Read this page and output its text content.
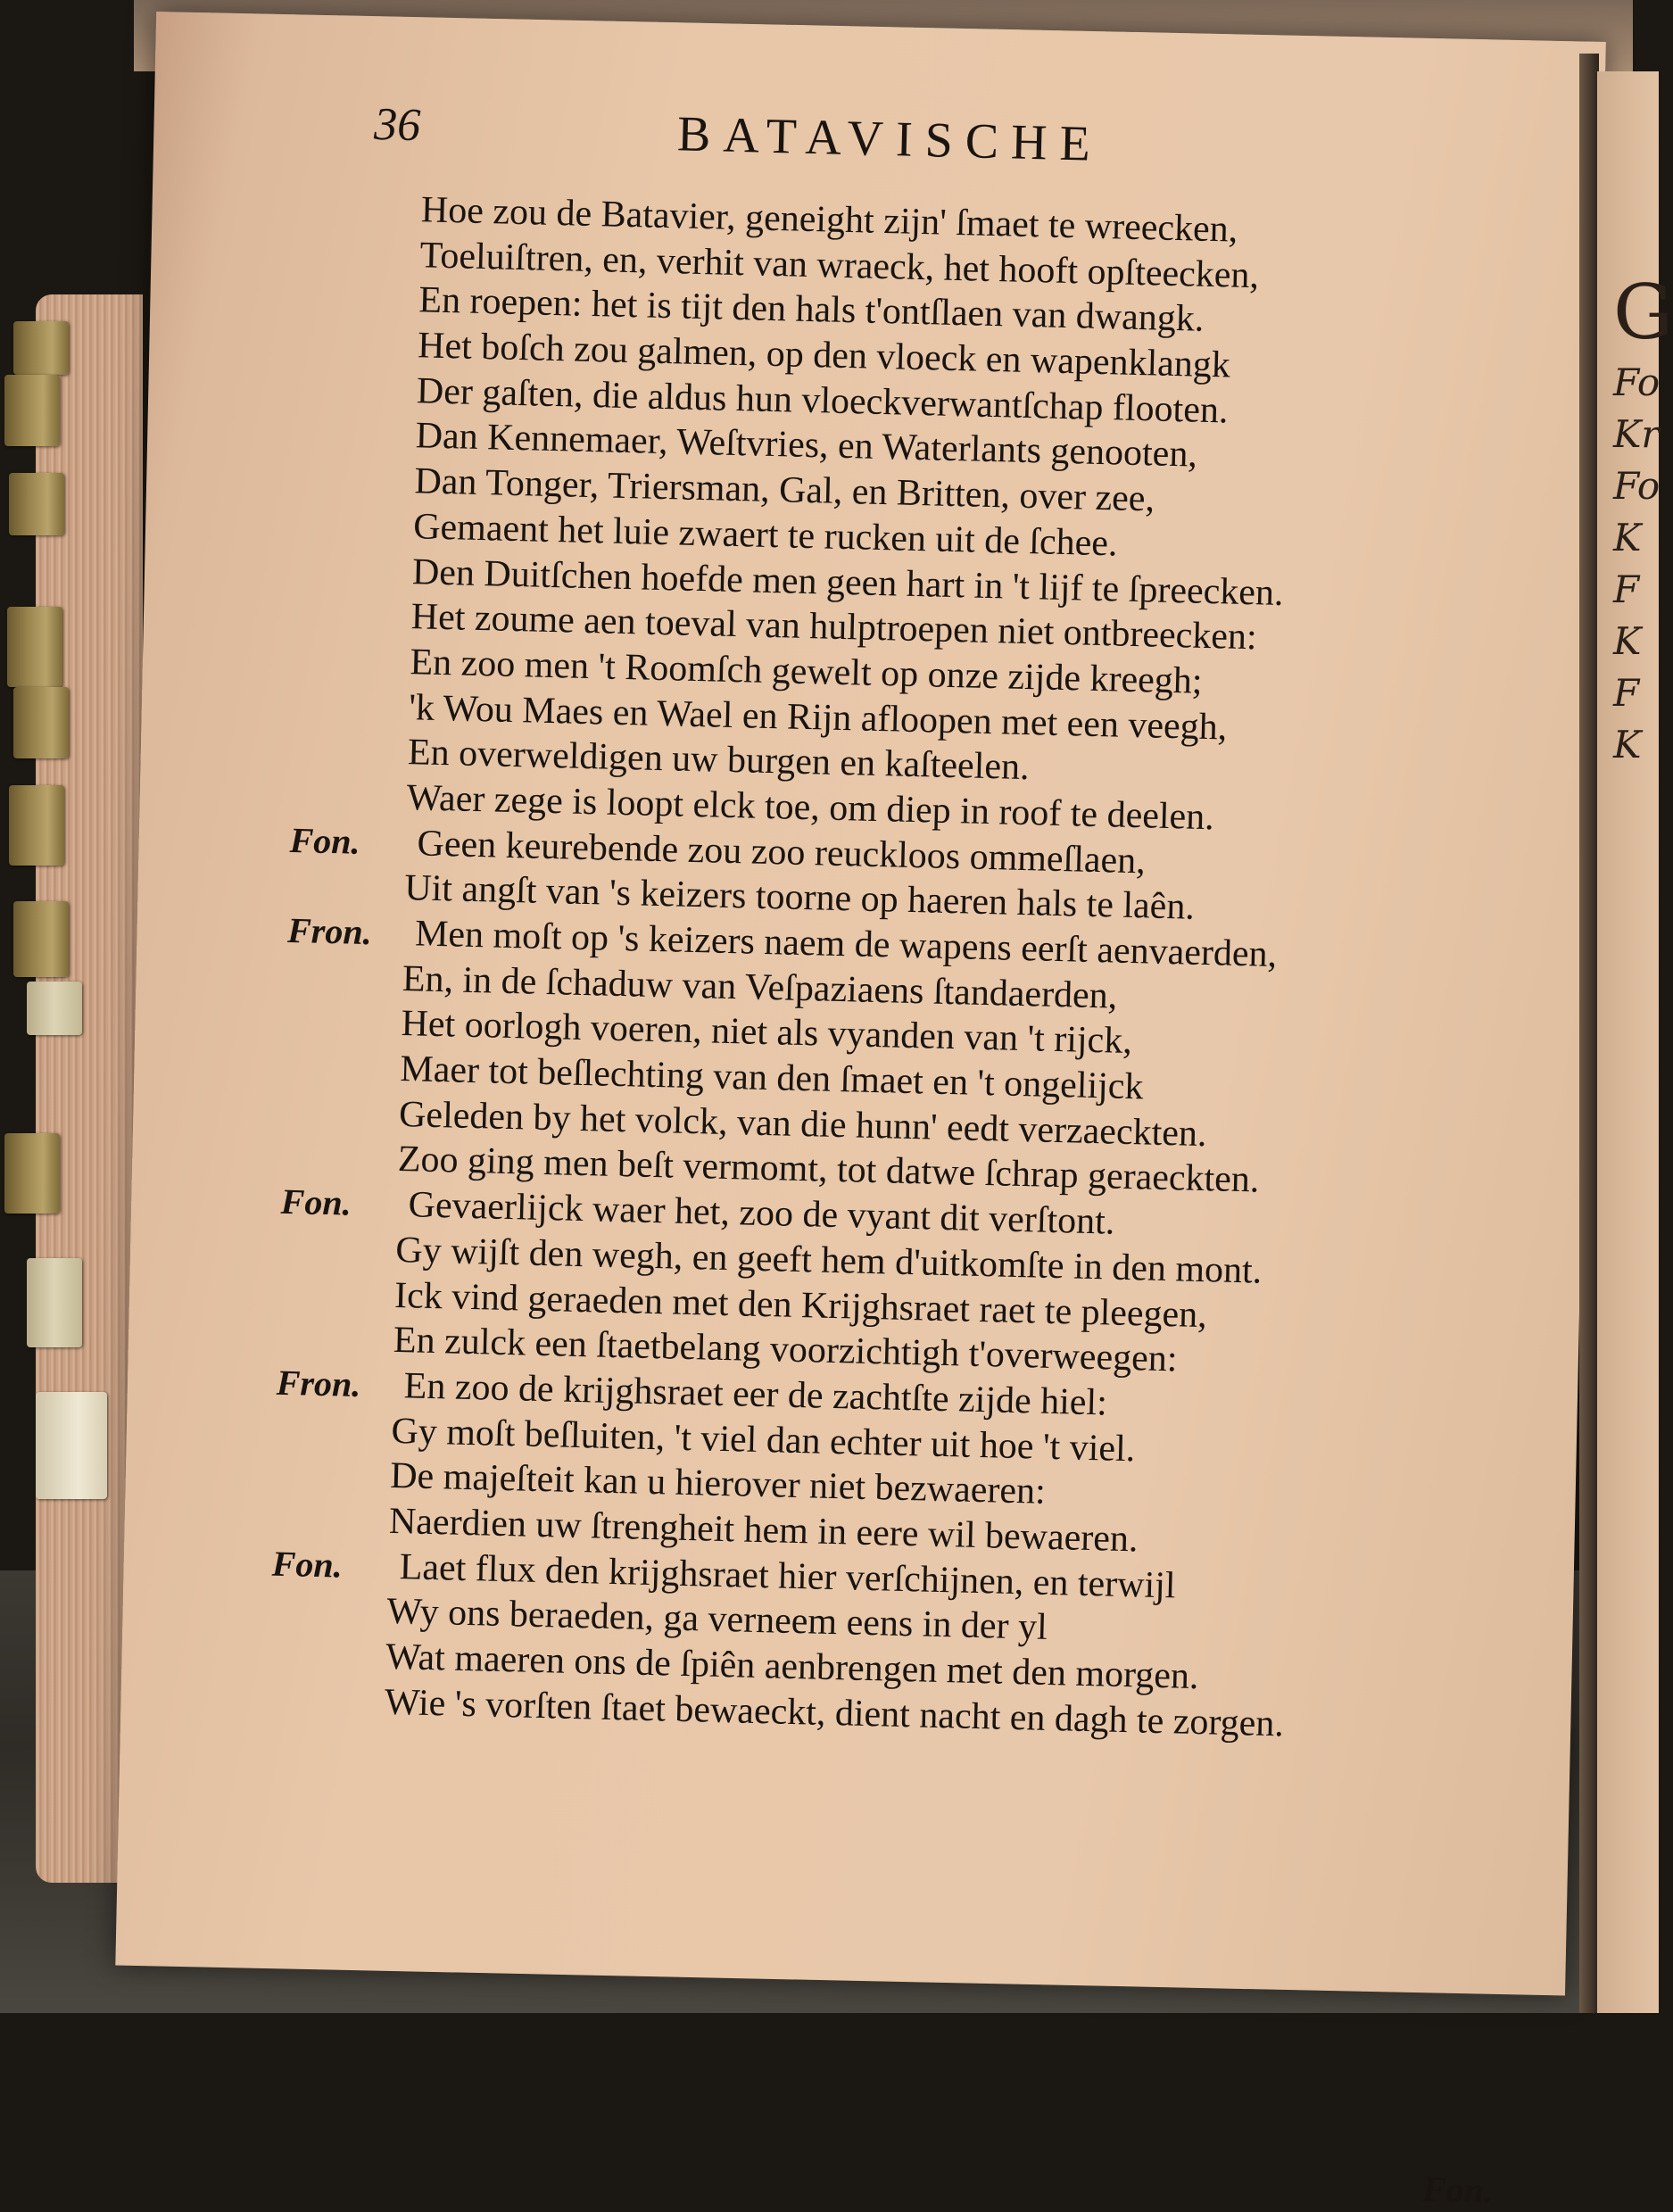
G
Fo
Kr
Fo
K
F
K
F
K
36	BATAVISCHE
Hoe zou de Batavier, geneight zijn' ſmaet te wreecken,
Toeluiſtren, en, verhit van wraeck, het hooft opſteecken,
En roepen: het is tijt den hals t'ontſlaen van dwangk.
Het boſch zou galmen, op den vloeck en wapenklangk
Der gaſten, die aldus hun vloeckverwantſchap flooten.
Dan Kennemaer, Weſtvries, en Waterlants genooten,
Dan Tonger, Triersman, Gal, en Britten, over zee,
Gemaent het luie zwaert te rucken uit de ſchee.
Den Duitſchen hoefde men geen hart in 't lijf te ſpreecken.
Het zoume aen toeval van hulptroepen niet ontbreecken:
En zoo men 't Roomſch gewelt op onze zijde kreegh;
'k Wou Maes en Wael en Rijn afloopen met een veegh,
En overweldigen uw burgen en kaſteelen.
Waer zege is loopt elck toe, om diep in roof te deelen.
Fon. Geen keurebende zou zoo reuckloos ommeſlaen,
Uit angſt van 's keizers toorne op haeren hals te laên.
Fron. Men moſt op 's keizers naem de wapens eerſt aenvaerden,
En, in de ſchaduw van Veſpaziaens ſtandaerden,
Het oorlogh voeren, niet als vyanden van 't rijck,
Maer tot beſlechting van den ſmaet en 't ongelijck
Geleden by het volck, van die hunn' eedt verzaeckten.
Zoo ging men beſt vermomt, tot datwe ſchrap geraeckten.
Fon. Gevaerlijck waer het, zoo de vyant dit verſtont.
Gy wijſt den wegh, en geeft hem d'uitkomſte in den mont.
Ick vind geraeden met den Krijghsraet raet te pleegen,
En zulck een ſtaetbelang voorzichtigh t'overweegen:
Fron. En zoo de krijghsraet eer de zachtſte zijde hiel:
Gy moſt beſluiten, 't viel dan echter uit hoe 't viel.
De majeſteit kan u hierover niet bezwaeren:
Naerdien uw ſtrengheit hem in eere wil bewaeren.
Fon. Laet flux den krijghsraet hier verſchijnen, en terwijl
Wy ons beraeden, ga verneem eens in der yl
Wat maeren ons de ſpiên aenbrengen met den morgen.
Wie 's vorſten ſtaet bewaeckt, dient nacht en dagh te zorgen.
Fon.
